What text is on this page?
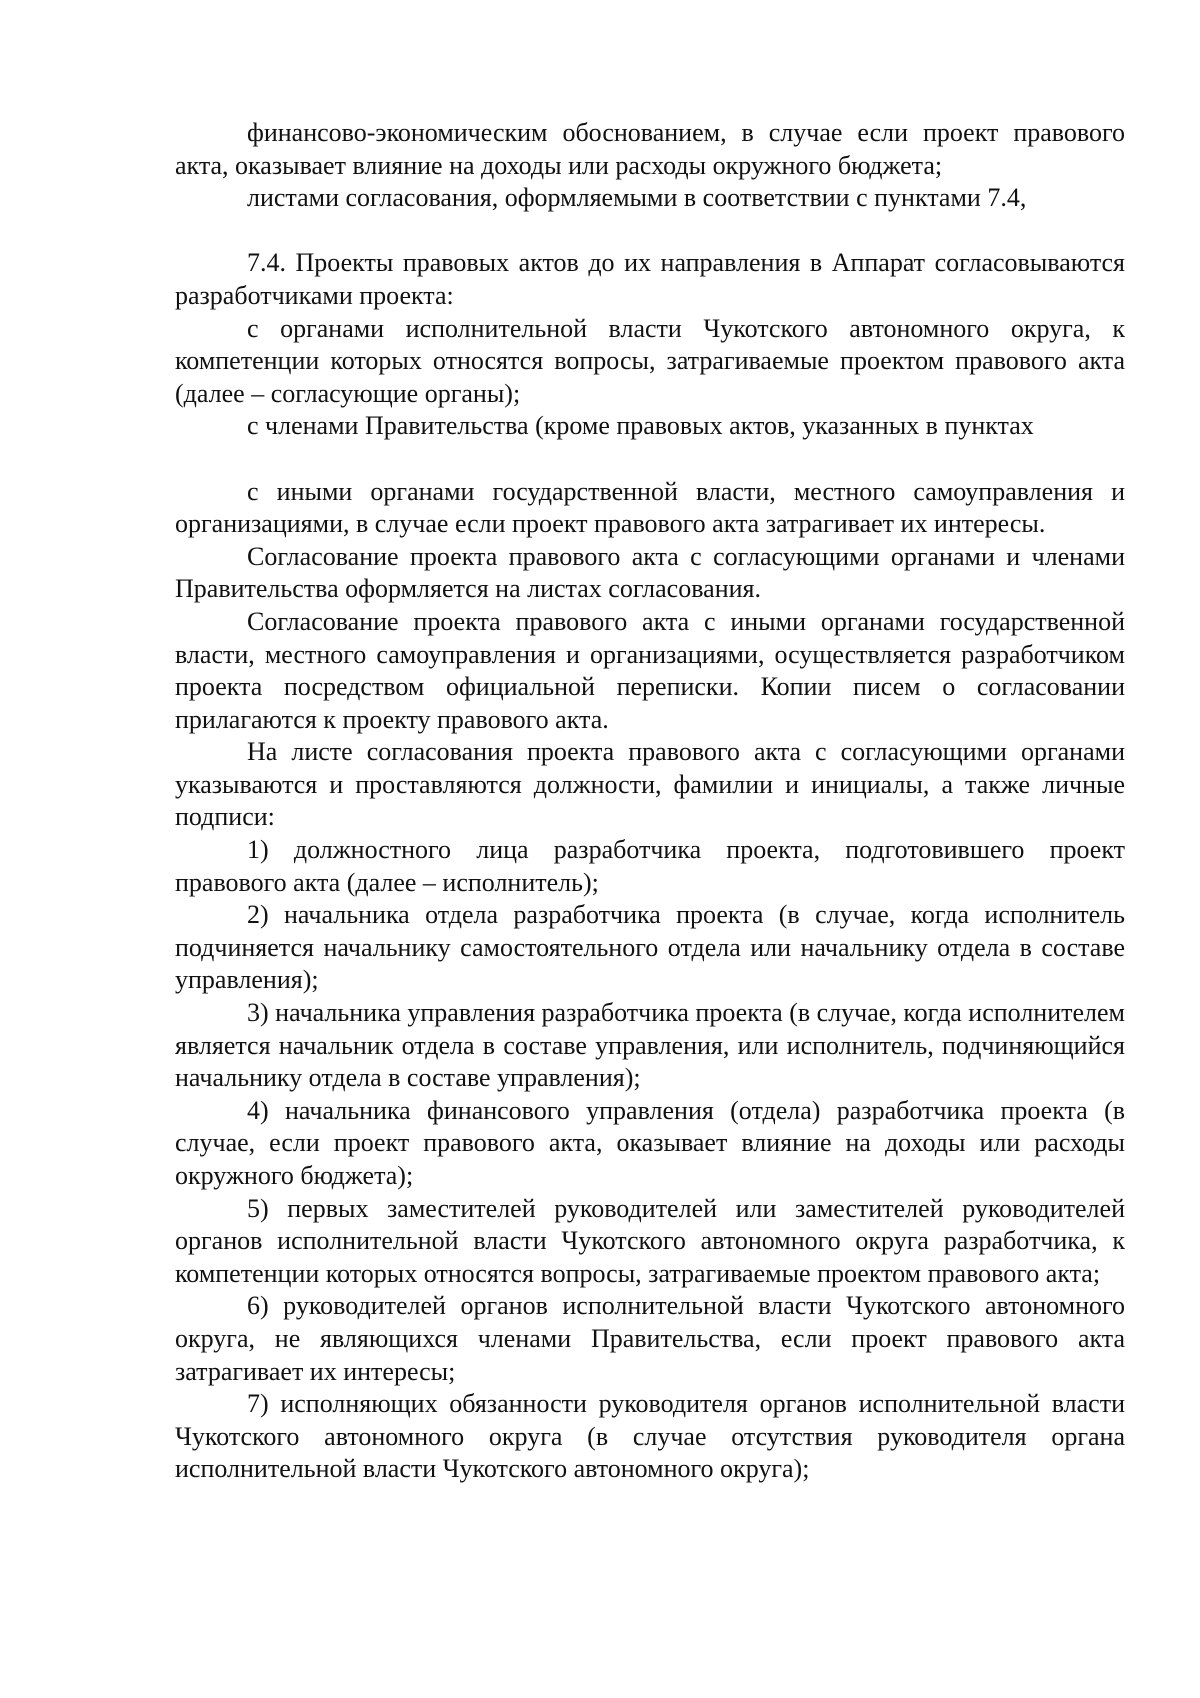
финансово-экономическим обоснованием, в случае если проект правового акта, оказывает влияние на доходы или расходы окружного бюджета;

листами согласования, оформляемыми в соответствии с пунктами 7.4,

7.4. Проекты правовых актов до их направления в Аппарат согласовываются разработчиками проекта:

с органами исполнительной власти Чукотского автономного округа, к компетенции которых относятся вопросы, затрагиваемые проектом правового акта (далее – согласующие органы);

с членами Правительства (кроме правовых актов, указанных в пунктах

с иными органами государственной власти, местного самоуправления и организациями, в случае если проект правового акта затрагивает их интересы.

Согласование проекта правового акта с согласующими органами и членами Правительства оформляется на листах согласования.

Согласование проекта правового акта с иными органами государственной власти, местного самоуправления и организациями, осуществляется разработчиком проекта посредством официальной переписки. Копии писем о согласовании прилагаются к проекту правового акта.

На листе согласования проекта правового акта с согласующими органами указываются и проставляются должности, фамилии и инициалы, а также личные подписи:

1) должностного лица разработчика проекта, подготовившего проект правового акта (далее – исполнитель);

2) начальника отдела разработчика проекта (в случае, когда исполнитель подчиняется начальнику самостоятельного отдела или начальнику отдела в составе управления);

3) начальника управления разработчика проекта (в случае, когда исполнителем является начальник отдела в составе управления, или исполнитель, подчиняющийся начальнику отдела в составе управления);

4) начальника финансового управления (отдела) разработчика проекта (в случае, если проект правового акта, оказывает влияние на доходы или расходы окружного бюджета);

5) первых заместителей руководителей или заместителей руководителей органов исполнительной власти Чукотского автономного округа разработчика, к компетенции которых относятся вопросы, затрагиваемые проектом правового акта;

6) руководителей органов исполнительной власти Чукотского автономного округа, не являющихся членами Правительства, если проект правового акта затрагивает их интересы;

7) исполняющих обязанности руководителя органов исполнительной власти Чукотского автономного округа (в случае отсутствия руководителя органа исполнительной власти Чукотского автономного округа);
